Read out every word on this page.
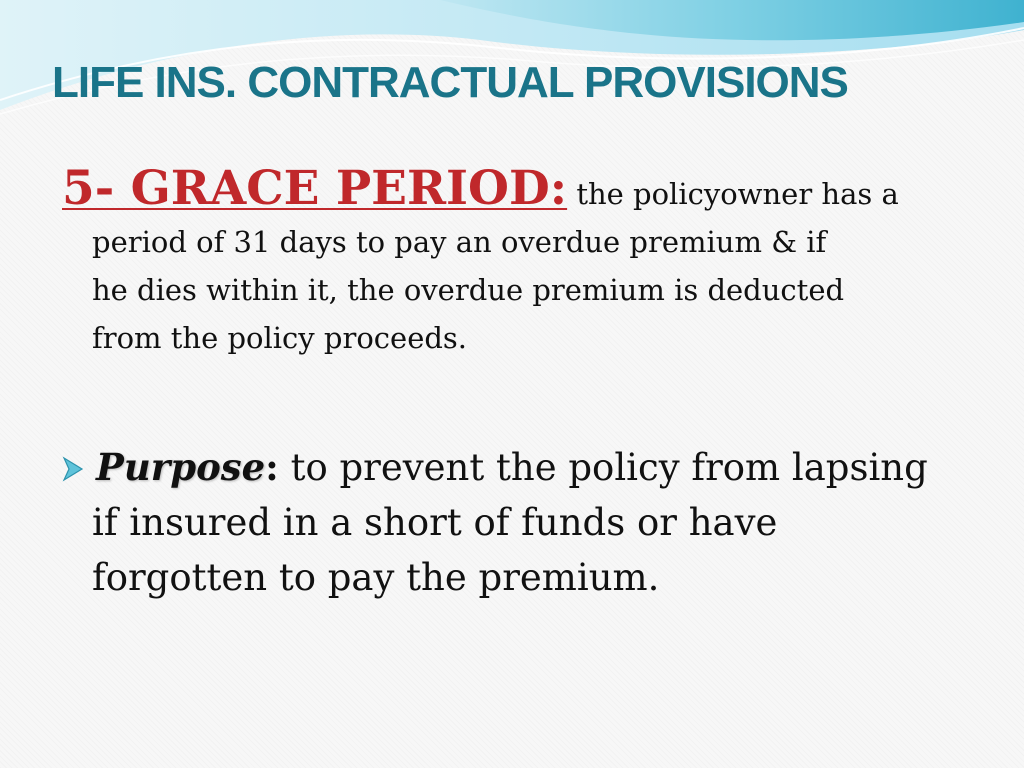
LIFE INS. CONTRACTUAL PROVISIONS

5- GRACE PERIOD: the policyowner has a
period of 31 days to pay an overdue premium & if
he dies within it, the overdue premium is deducted
from the policy proceeds.

Purpose: to prevent the policy from lapsing
if insured in a short of funds or have
forgotten to pay the premium.
